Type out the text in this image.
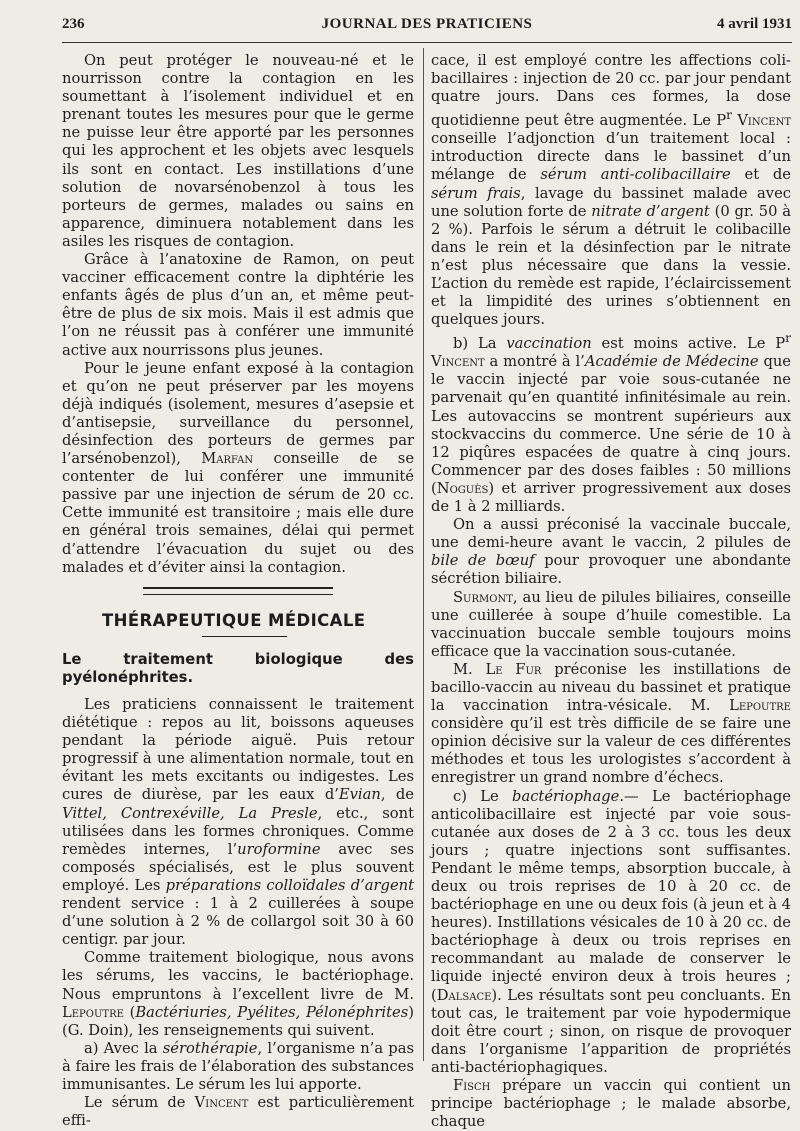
236	JOURNAL DES PRATICIENS	4 avril 1931

On peut protéger le nouveau-né et le nourrisson contre la contagion en les soumettant à l’isolement individuel et en prenant toutes les mesures pour que le germe ne puisse leur être apporté par les personnes qui les approchent et les objets avec lesquels ils sont en contact. Les instillations d’une solution de novarsénobenzol à tous les porteurs de germes, malades ou sains en apparence, diminuera notablement dans les asiles les risques de contagion.

Grâce à l’anatoxine de Ramon, on peut vacciner efficacement contre la diphtérie les enfants âgés de plus d’un an, et même peut-être de plus de six mois. Mais il est admis que l’on ne réussit pas à conférer une immunité active aux nourrissons plus jeunes.

Pour le jeune enfant exposé à la contagion et qu’on ne peut préserver par les moyens déjà indiqués (isolement, mesures d’asepsie et d’antisepsie, surveillance du personnel, désinfection des porteurs de germes par l’arsénobenzol), Marfan conseille de se contenter de lui conférer une immunité passive par une injection de sérum de 20 cc. Cette immunité est transitoire ; mais elle dure en général trois semaines, délai qui permet d’attendre l’évacuation du sujet ou des malades et d’éviter ainsi la contagion.

THÉRAPEUTIQUE MÉDICALE
Le traitement biologique des pyélonéphrites.

Les praticiens connaissent le traitement diététique : repos au lit, boissons aqueuses pendant la période aiguë. Puis retour progressif à une alimentation normale, tout en évitant les mets excitants ou indigestes. Les cures de diurèse, par les eaux d’Evian, de Vittel, Contrexéville, La Presle, etc., sont utilisées dans les formes chroniques. Comme remèdes internes, l’uroformine avec ses composés spécialisés, est le plus souvent employé. Les préparations colloïdales d’argent rendent service : 1 à 2 cuillerées à soupe d’une solution à 2 % de collargol soit 30 à 60 centigr. par jour.

Comme traitement biologique, nous avons les sérums, les vaccins, le bactériophage. Nous empruntons à l’excellent livre de M. Lepoutre (Bactériuries, Pyélites, Pélonéphrites) (G. Doin), les renseignements qui suivent.

a) Avec la sérothérapie, l’organisme n’a pas à faire les frais de l’élaboration des substances immunisantes. Le sérum les lui apporte.

Le sérum de Vincent est particulièrement effi-

cace, il est employé contre les affections coli-bacillaires : injection de 20 cc. par jour pendant quatre jours. Dans ces formes, la dose quotidienne peut être augmentée. Le $P^r$ Vincent conseille l’adjonction d’un traitement local : introduction directe dans le bassinet d’un mélange de sérum anti-colibacillaire et de sérum frais, lavage du bassinet malade avec une solution forte de nitrate d’argent (0 gr. 50 à 2 %). Parfois le sérum a détruit le colibacille dans le rein et la désinfection par le nitrate n’est plus nécessaire que dans la vessie. L’action du remède est rapide, l’éclaircissement et la limpidité des urines s’obtiennent en quelques jours.

b) La vaccination est moins active. Le $P^r$ Vincent a montré à l’Académie de Médecine que le vaccin injecté par voie sous-cutanée ne parvenait qu’en quantité infinitésimale au rein. Les autovaccins se montrent supérieurs aux stockvaccins du commerce. Une série de 10 à 12 piqûres espacées de quatre à cinq jours. Commencer par des doses faibles : 50 millions (Noguès) et arriver progressivement aux doses de 1 à 2 milliards.

On a aussi préconisé la vaccinale buccale, une demi-heure avant le vaccin, 2 pilules de bile de bœuf pour provoquer une abondante sécrétion biliaire.

Surmont, au lieu de pilules biliaires, conseille une cuillerée à soupe d’huile comestible. La vaccinuation buccale semble toujours moins efficace que la vaccination sous-cutanée.

M. Le Fur préconise les instillations de bacillo-vaccin au niveau du bassinet et pratique la vaccination intra-vésicale. M. Lepoutre considère qu’il est très difficile de se faire une opinion décisive sur la valeur de ces différentes méthodes et tous les urologistes s’accordent à enregistrer un grand nombre d’échecs.

c) Le bactériophage.— Le bactériophage anticolibacillaire est injecté par voie sous-cutanée aux doses de 2 à 3 cc. tous les deux jours ; quatre injections sont suffisantes. Pendant le même temps, absorption buccale, à deux ou trois reprises de 10 à 20 cc. de bactériophage en une ou deux fois (à jeun et à 4 heures). Instillations vésicales de 10 à 20 cc. de bactériophage à deux ou trois reprises en recommandant au malade de conserver le liquide injecté environ deux à trois heures ; (Dalsace). Les résultats sont peu concluants. En tout cas, le traitement par voie hypodermique doit être court ; sinon, on risque de provoquer dans l’organisme l’apparition de propriétés anti-bactériophagiques.

Fisch prépare un vaccin qui contient un principe bactériophage ; le malade absorbe, chaque
